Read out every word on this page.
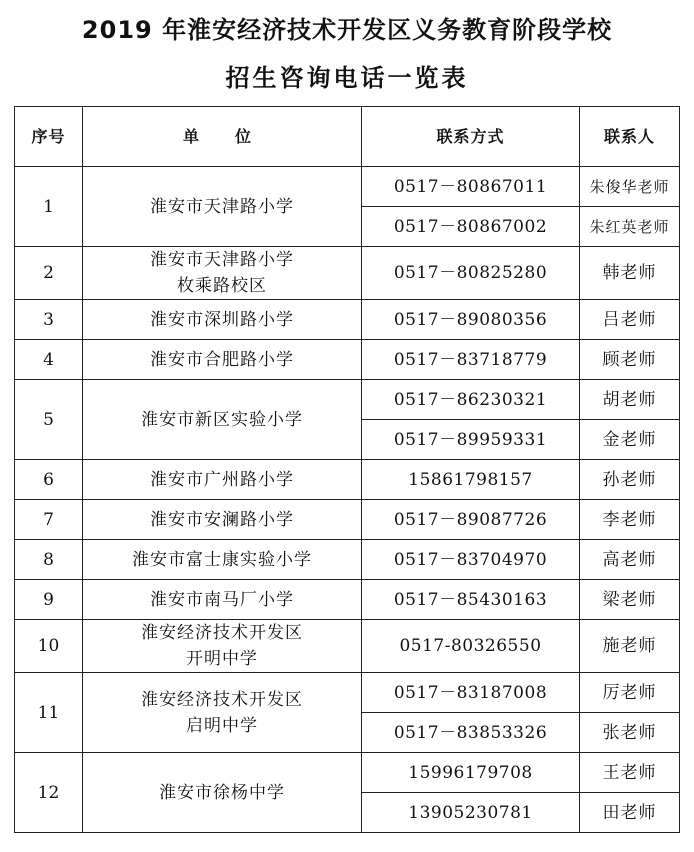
2019 年淮安经济技术开发区义务教育阶段学校
招生咨询电话一览表
序号	单　位	联系方式	联系人
1	淮安市天津路小学	0517－80867011	朱俊华老师
		0517－80867002	朱红英老师
2	淮安市天津路小学
枚乘路校区	0517－80825280	韩老师
3	淮安市深圳路小学	0517－89080356	吕老师
4	淮安市合肥路小学	0517－83718779	顾老师
5	淮安市新区实验小学	0517－86230321	胡老师
		0517－89959331	金老师
6	淮安市广州路小学	15861798157	孙老师
7	淮安市安澜路小学	0517－89087726	李老师
8	淮安市富士康实验小学	0517－83704970	高老师
9	淮安市南马厂小学	0517－85430163	梁老师
10	淮安经济技术开发区
开明中学	0517-80326550	施老师
11	淮安经济技术开发区
启明中学	0517－83187008	厉老师
		0517－83853326	张老师
12	淮安市徐杨中学	15996179708	王老师
		13905230781	田老师
